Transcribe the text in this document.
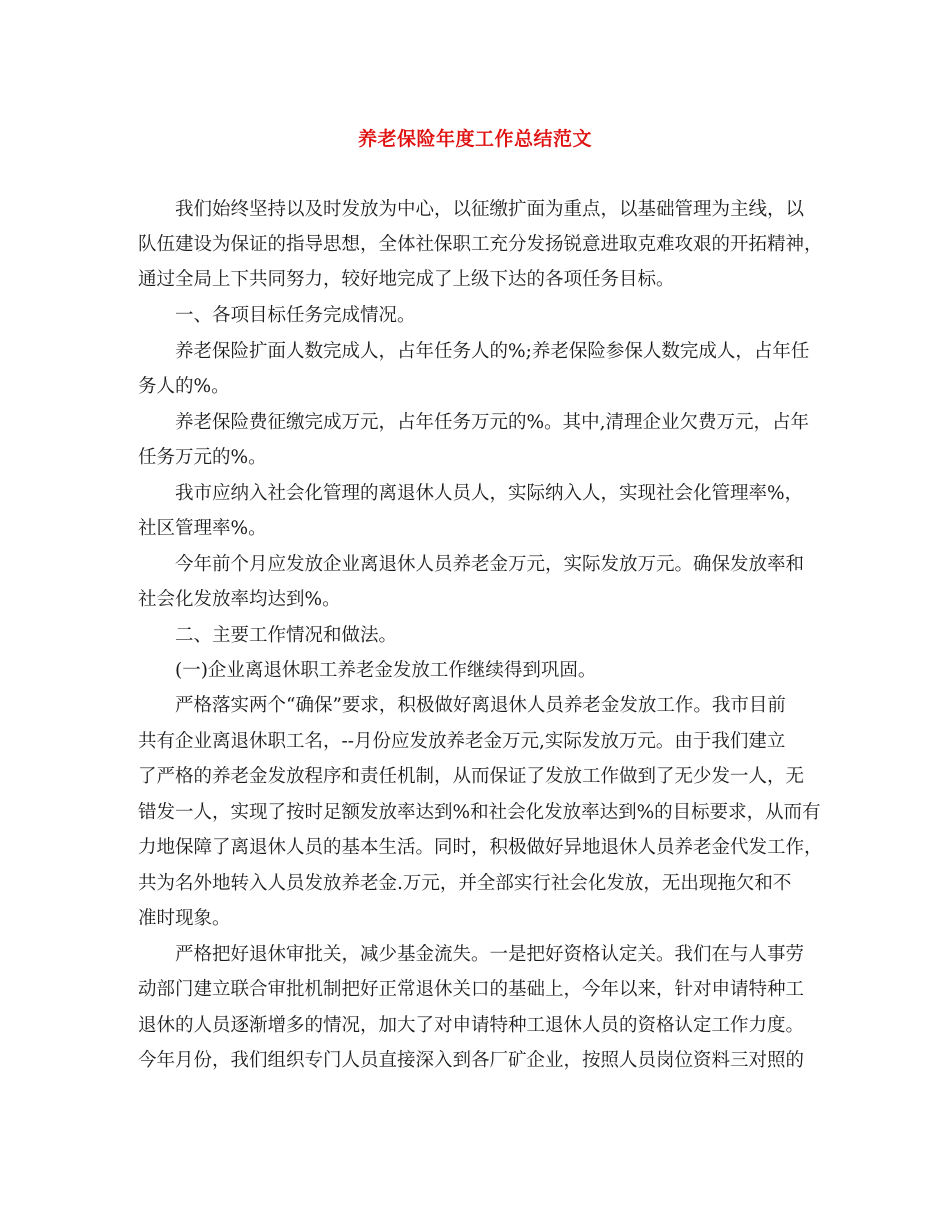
养老保险年度工作总结范文
我们始终坚持以及时发放为中心，以征缴扩面为重点，以基础管理为主线，以
队伍建设为保证的指导思想，全体社保职工充分发扬锐意进取克难攻艰的开拓精神，
通过全局上下共同努力，较好地完成了上级下达的各项任务目标。
一、各项目标任务完成情况。
养老保险扩面人数完成人，占年任务人的%;养老保险参保人数完成人，占年任
务人的%。
养老保险费征缴完成万元，占年任务万元的%。其中,清理企业欠费万元，占年
任务万元的%。
我市应纳入社会化管理的离退休人员人，实际纳入人，实现社会化管理率%，
社区管理率%。
今年前个月应发放企业离退休人员养老金万元，实际发放万元。确保发放率和
社会化发放率均达到%。
二、主要工作情况和做法。
(一)企业离退休职工养老金发放工作继续得到巩固。
严格落实两个“确保”要求，积极做好离退休人员养老金发放工作。我市目前
共有企业离退休职工名，--月份应发放养老金万元,实际发放万元。由于我们建立
了严格的养老金发放程序和责任机制，从而保证了发放工作做到了无少发一人，无
错发一人，实现了按时足额发放率达到%和社会化发放率达到%的目标要求，从而有
力地保障了离退休人员的基本生活。同时，积极做好异地退休人员养老金代发工作，
共为名外地转入人员发放养老金.万元，并全部实行社会化发放，无出现拖欠和不
准时现象。
严格把好退休审批关，减少基金流失。一是把好资格认定关。我们在与人事劳
动部门建立联合审批机制把好正常退休关口的基础上，今年以来，针对申请特种工
退休的人员逐渐增多的情况，加大了对申请特种工退休人员的资格认定工作力度。
今年月份，我们组织专门人员直接深入到各厂矿企业，按照人员岗位资料三对照的
